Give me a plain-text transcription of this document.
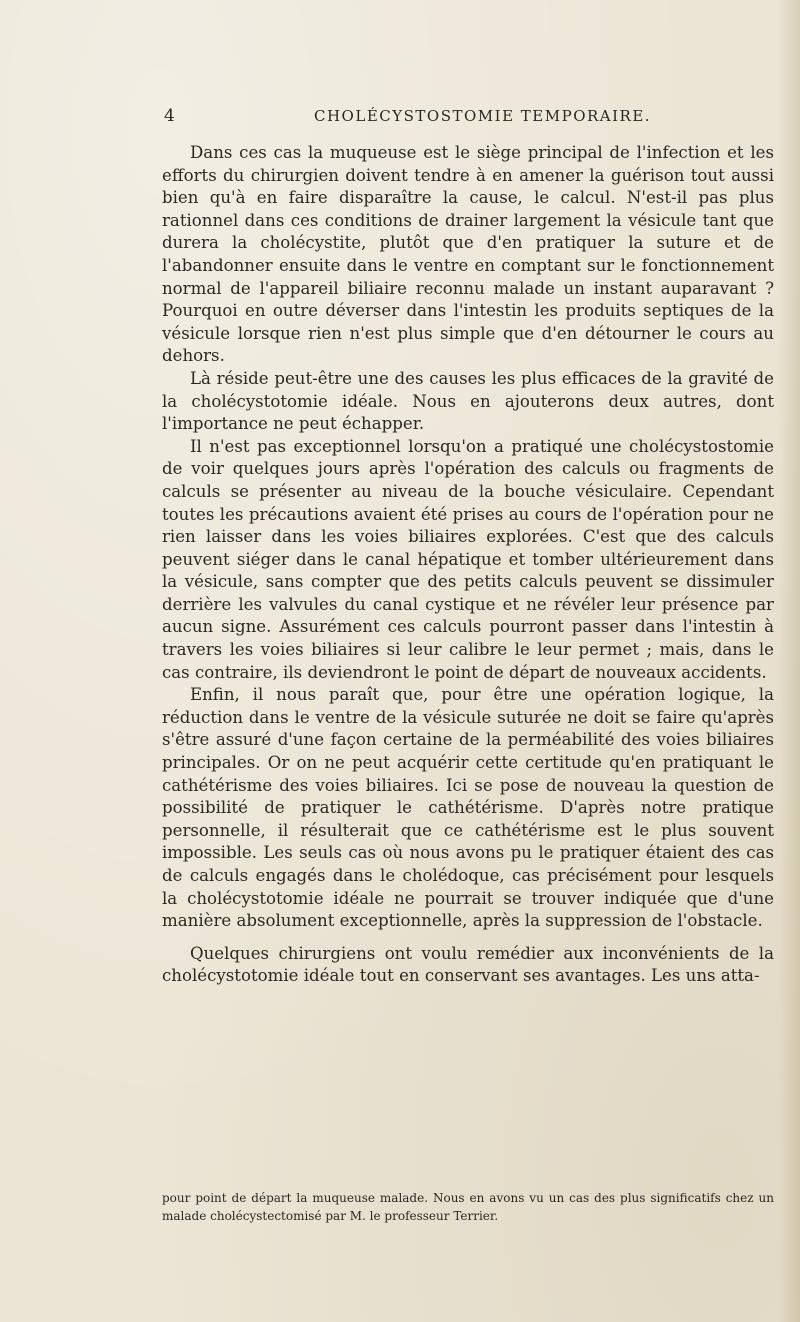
4	CHOLÉCYSTOSTOMIE TEMPORAIRE.

Dans ces cas la muqueuse est le siège principal de l'infection et les efforts du chirurgien doivent tendre à en amener la guérison tout aussi bien qu'à en faire disparaître la cause, le calcul. N'est-il pas plus rationnel dans ces conditions de drainer largement la vésicule tant que durera la cholécystite, plutôt que d'en pratiquer la suture et de l'abandonner ensuite dans le ventre en comptant sur le fonctionnement normal de l'appareil biliaire reconnu malade un instant auparavant ? Pourquoi en outre déverser dans l'intestin les produits septiques de la vésicule lorsque rien n'est plus simple que d'en détourner le cours au dehors.

Là réside peut-être une des causes les plus efficaces de la gravité de la cholécystotomie idéale. Nous en ajouterons deux autres, dont l'importance ne peut échapper.

Il n'est pas exceptionnel lorsqu'on a pratiqué une cholécystostomie de voir quelques jours après l'opération des calculs ou fragments de calculs se présenter au niveau de la bouche vésiculaire. Cependant toutes les précautions avaient été prises au cours de l'opération pour ne rien laisser dans les voies biliaires explorées. C'est que des calculs peuvent siéger dans le canal hépatique et tomber ultérieurement dans la vésicule, sans compter que des petits calculs peuvent se dissimuler derrière les valvules du canal cystique et ne révéler leur présence par aucun signe. Assurément ces calculs pourront passer dans l'intestin à travers les voies biliaires si leur calibre le leur permet ; mais, dans le cas contraire, ils deviendront le point de départ de nouveaux accidents.

Enfin, il nous paraît que, pour être une opération logique, la réduction dans le ventre de la vésicule suturée ne doit se faire qu'après s'être assuré d'une façon certaine de la perméabilité des voies biliaires principales. Or on ne peut acquérir cette certitude qu'en pratiquant le cathétérisme des voies biliaires. Ici se pose de nouveau la question de possibilité de pratiquer le cathétérisme. D'après notre pratique personnelle, il résulterait que ce cathétérisme est le plus souvent impossible. Les seuls cas où nous avons pu le pratiquer étaient des cas de calculs engagés dans le cholédoque, cas précisément pour lesquels la cholécystotomie idéale ne pourrait se trouver indiquée que d'une manière absolument exceptionnelle, après la suppression de l'obstacle.

Quelques chirurgiens ont voulu remédier aux inconvénients de la cholécystotomie idéale tout en conservant ses avantages. Les uns atta-

pour point de départ la muqueuse malade. Nous en avons vu un cas des plus significatifs chez un malade cholécystectomisé par M. le professeur Terrier.
